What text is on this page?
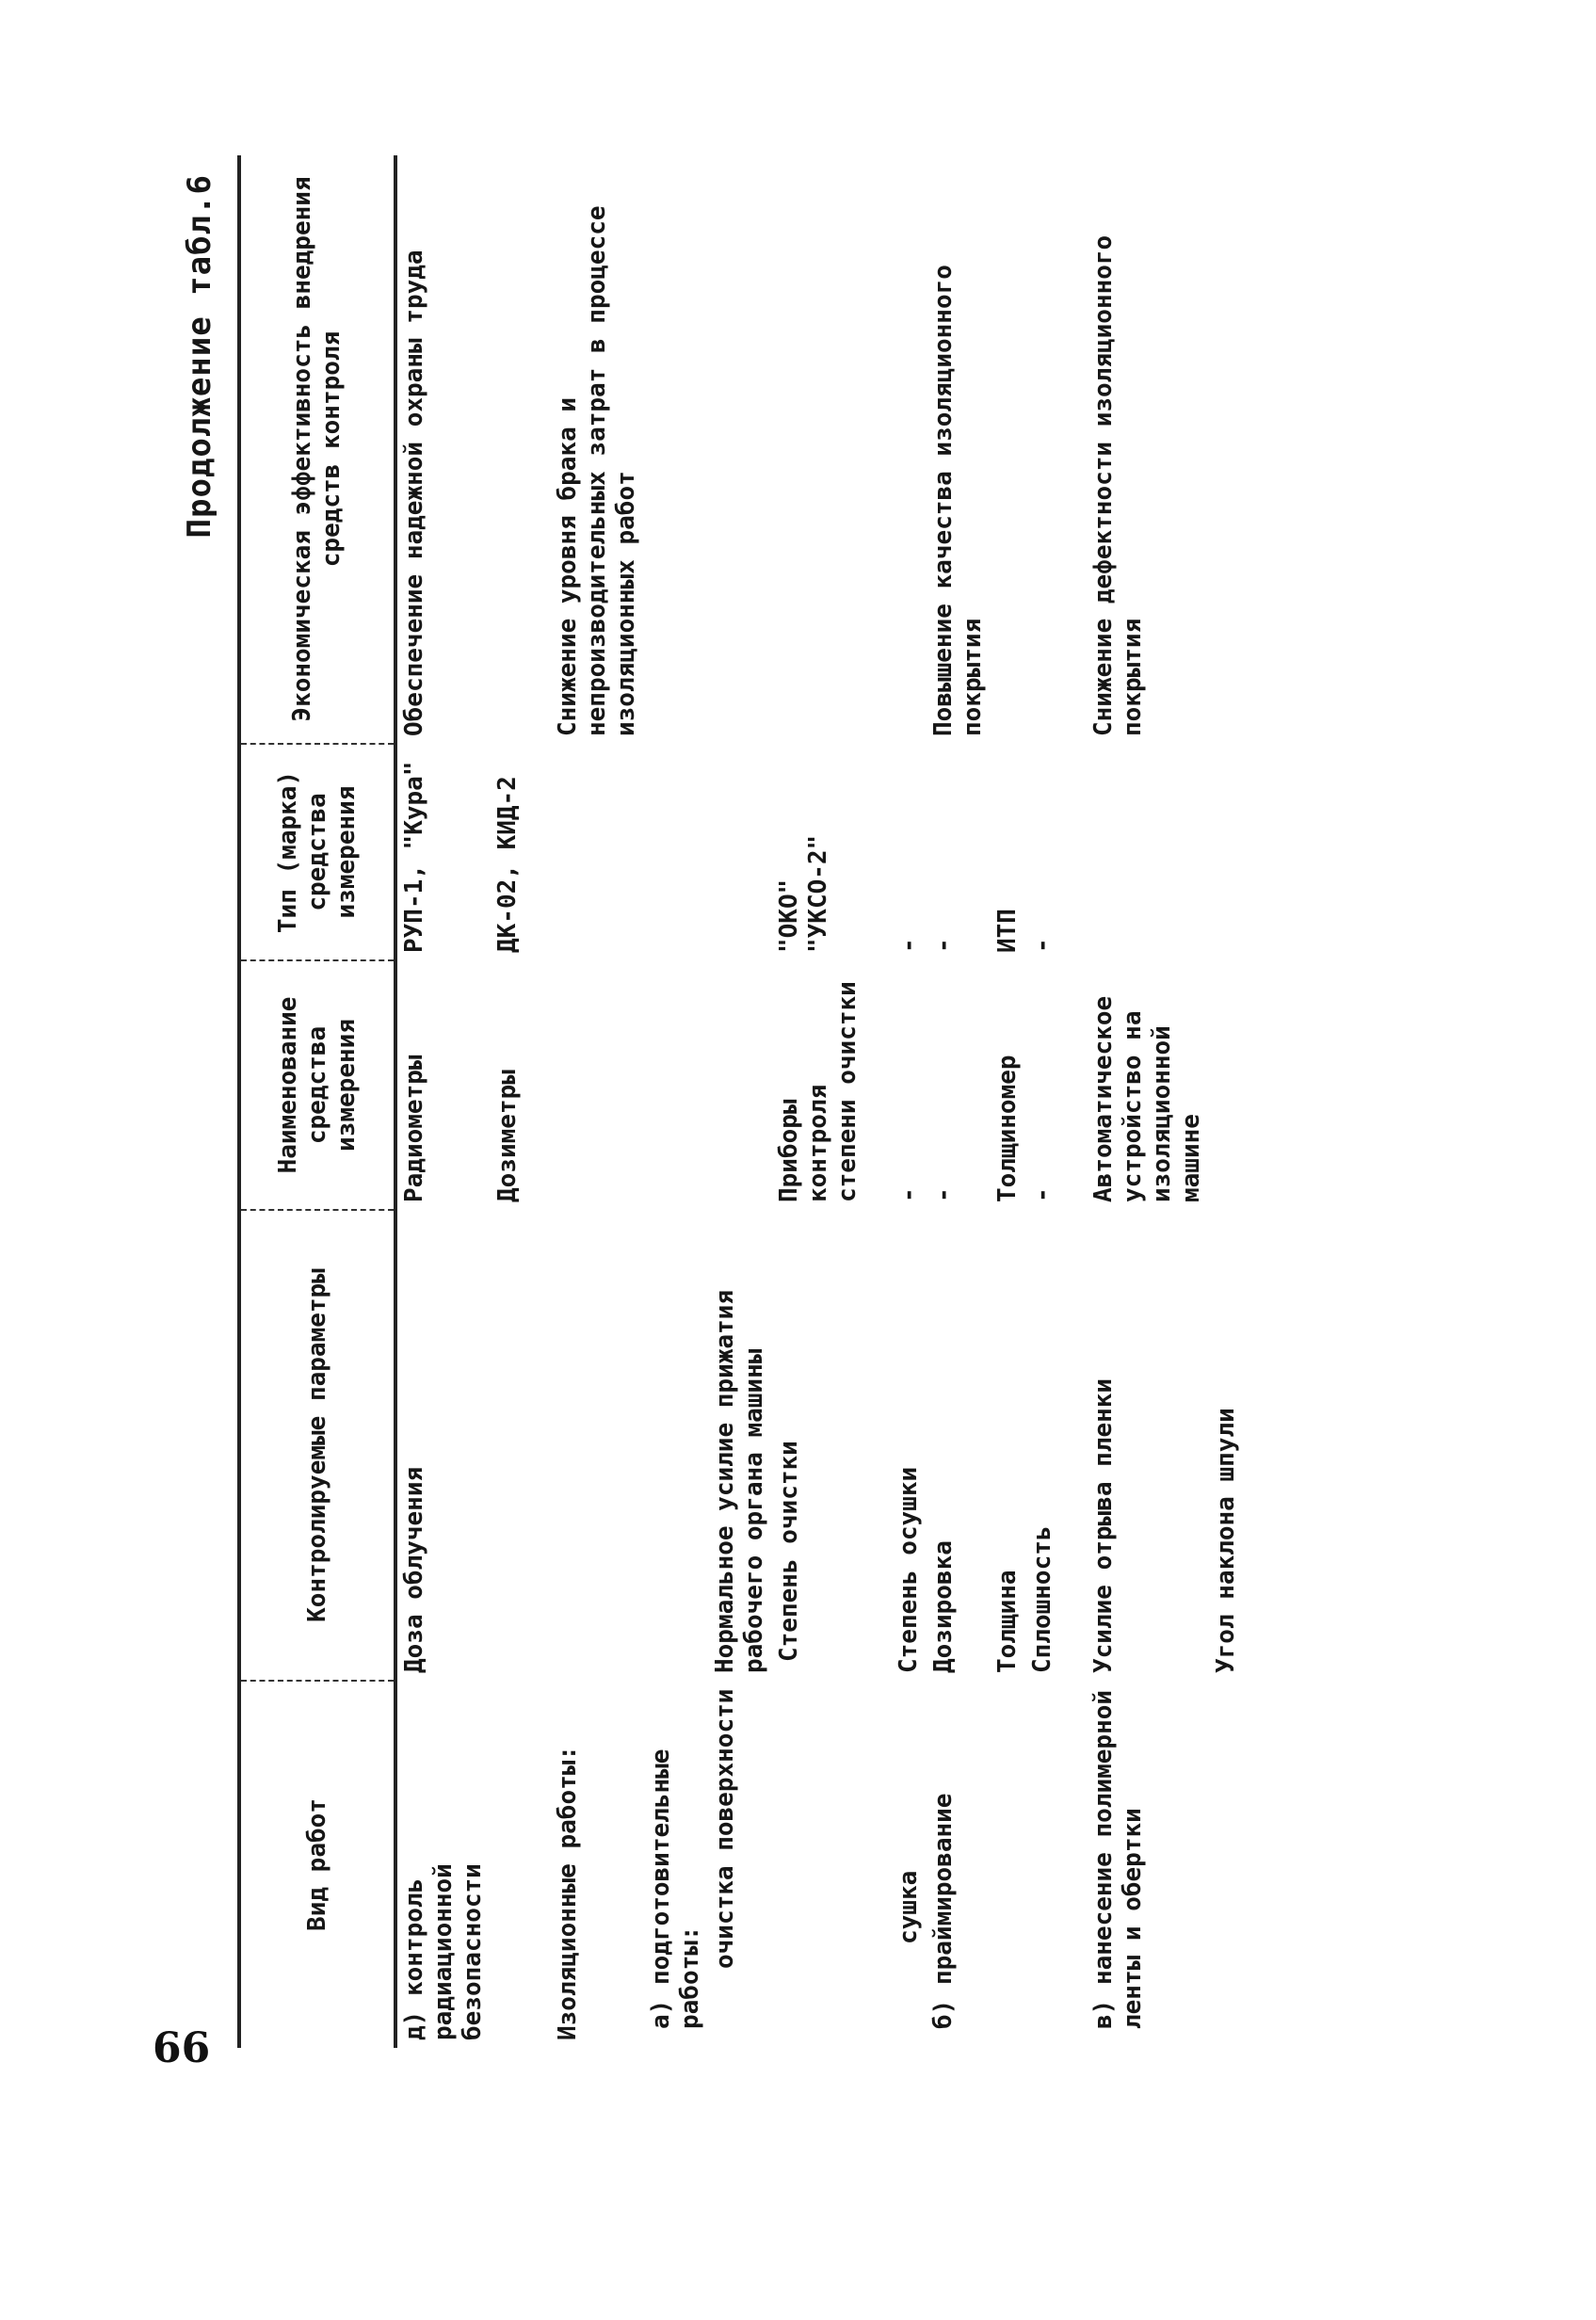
66
Продолжение табл.6
Вид работ	Контролируемые параметры	Наименование средства измерения	Тип (марка) средства измерения	Экономическая эффективность внедрения средств контроля
д) контроль радиационной безопасности	Доза облучения	Радиометры	РУП-1, "Кура"	Обеспечение надежной охраны труда
		Дозиметры	ДК-02, КИД-2	
Изоляционные работы:				Снижение уровня брака и непроизводительных затрат в процессе изоляционных работ
а) подготовительные работы:				
очистка поверхности	Нормальное усилие прижатия рабочего органа машины			
	Степень очистки	Приборы контроля степени очистки	"ОКО" "УКСО-2"	

сушка	Степень осушки	-	-	
б) праймирование	Дозировка	-	-	Повышение качества изоляционного покрытия
	Толщина	Толщиномер	ИТП	
	Сплошность	-	-	

в) нанесение полимерной ленты и обертки	Усилие отрыва пленки	Автоматическое устройство на изоляционной машине		Снижение дефектности изоляционного покрытия
	Угол наклона шпули			
